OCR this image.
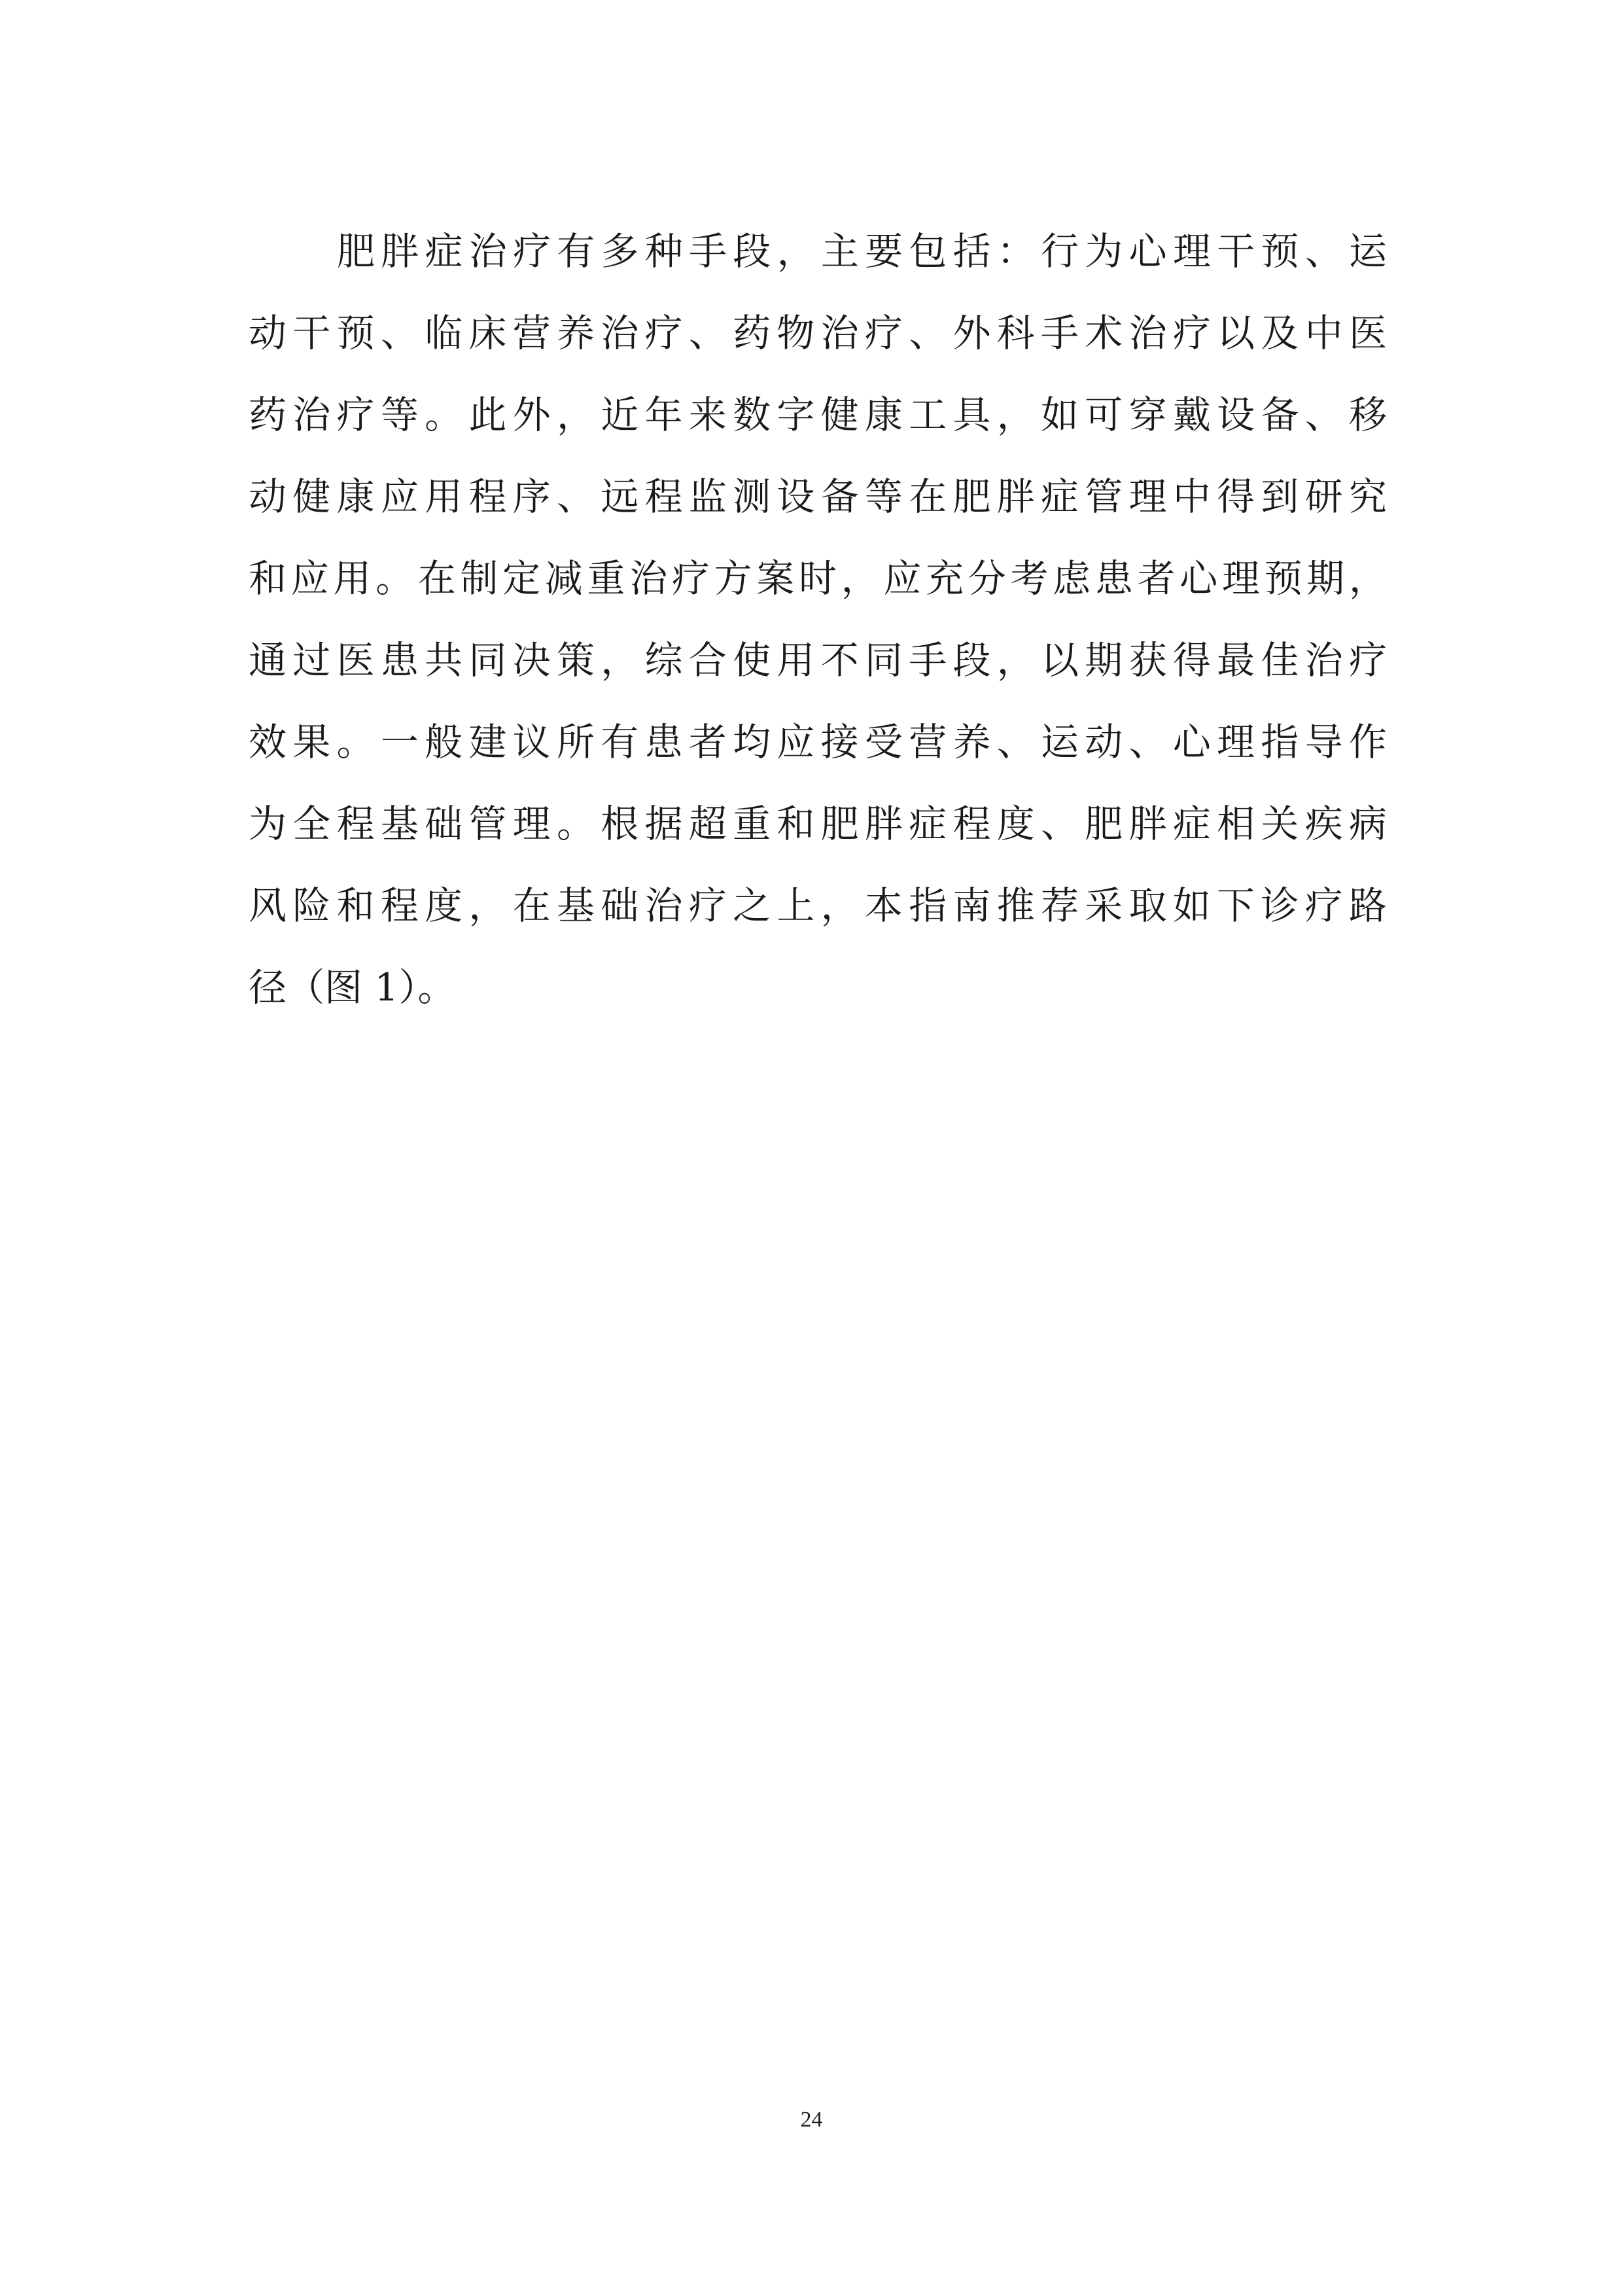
肥胖症治疗有多种手段，主要包括：行为心理干预、运
动干预、临床营养治疗、药物治疗、外科手术治疗以及中医
药治疗等。此外，近年来数字健康工具，如可穿戴设备、移
动健康应用程序、远程监测设备等在肥胖症管理中得到研究
和应用。在制定减重治疗方案时，应充分考虑患者心理预期，
通过医患共同决策，综合使用不同手段，以期获得最佳治疗
效果。一般建议所有患者均应接受营养、运动、心理指导作
为全程基础管理。根据超重和肥胖症程度、肥胖症相关疾病
风险和程度，在基础治疗之上，本指南推荐采取如下诊疗路
径（图 1）。
24
